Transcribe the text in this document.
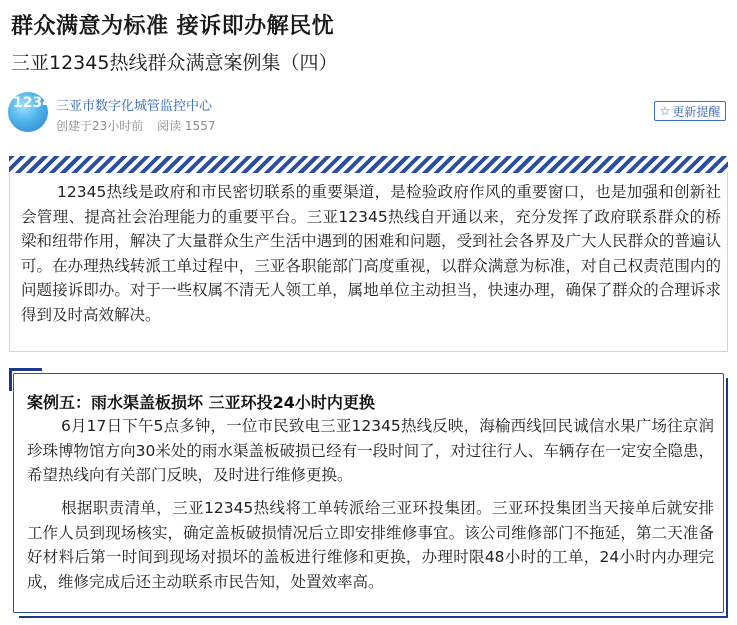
群众满意为标准 接诉即办解民忧
三亚12345热线群众满意案例集（四）
12345
三亚市数字化城管监控中心
创建于23小时前 阅读 1557
☆ 更新提醒
12345热线是政府和市民密切联系的重要渠道，是检验政府作风的重要窗口，也是加强和创新社会管理、提高社会治理能力的重要平台。三亚12345热线自开通以来，充分发挥了政府联系群众的桥梁和纽带作用，解决了大量群众生产生活中遇到的困难和问题，受到社会各界及广大人民群众的普遍认可。在办理热线转派工单过程中，三亚各职能部门高度重视，以群众满意为标准，对自己权责范围内的问题接诉即办。对于一些权属不清无人领工单，属地单位主动担当，快速办理，确保了群众的合理诉求得到及时高效解决。
案例五：雨水渠盖板损坏 三亚环投24小时内更换
6月17日下午5点多钟，一位市民致电三亚12345热线反映，海榆西线回民诚信水果广场往京润珍珠博物馆方向30米处的雨水渠盖板破损已经有一段时间了，对过往行人、车辆存在一定安全隐患，希望热线向有关部门反映，及时进行维修更换。
根据职责清单，三亚12345热线将工单转派给三亚环投集团。三亚环投集团当天接单后就安排工作人员到现场核实，确定盖板破损情况后立即安排维修事宜。该公司维修部门不拖延，第二天准备好材料后第一时间到现场对损坏的盖板进行维修和更换，办理时限48小时的工单，24小时内办理完成，维修完成后还主动联系市民告知，处置效率高。
